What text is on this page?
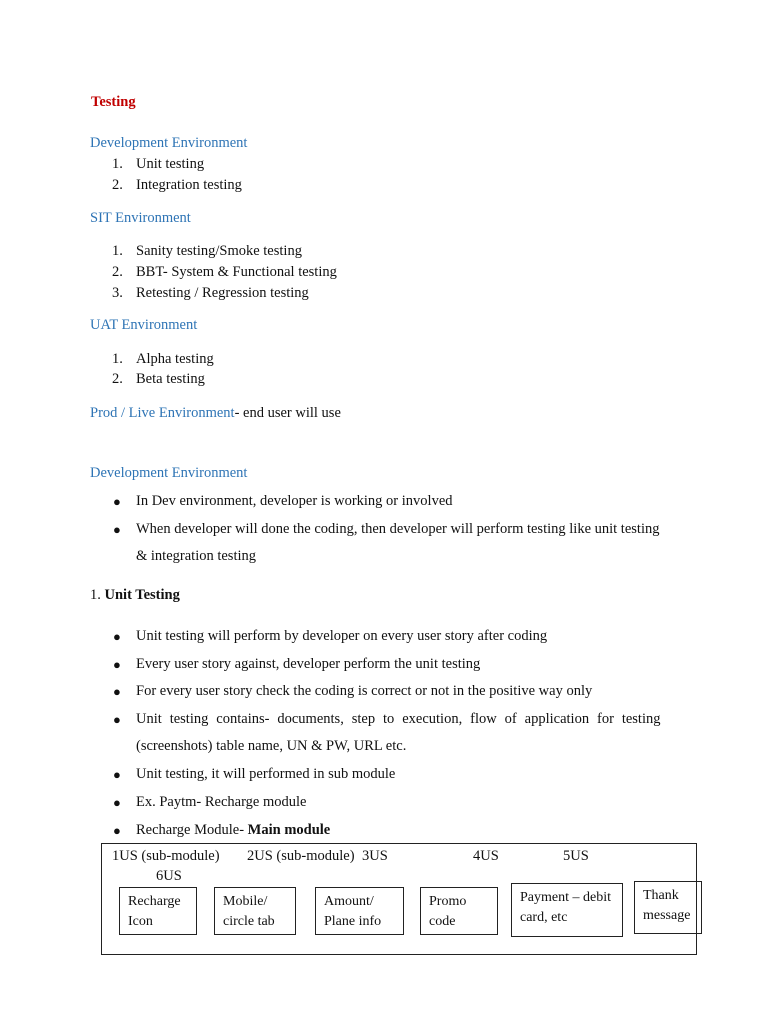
Testing
Development Environment
1. Unit testing
2. Integration testing
SIT Environment
1. Sanity testing/Smoke testing
2. BBT- System & Functional testing
3. Retesting / Regression testing
UAT Environment
1. Alpha testing
2. Beta testing
Prod / Live Environment- end user will use
Development Environment
● In Dev environment, developer is working or involved
● When developer will done the coding, then developer will perform testing like unit testing
& integration testing
1. Unit Testing
● Unit testing will perform by developer on every user story after coding
● Every user story against, developer perform the unit testing
● For every user story check the coding is correct or not in the positive way only
● Unit testing contains- documents, step to execution, flow of application for testing
(screenshots) table name, UN & PW, URL etc.
● Unit testing, it will performed in sub module
● Ex. Paytm- Recharge module
● Recharge Module- Main module
1US (sub-module) 2US (sub-module) 3US	4US	5US
6US
Recharge
Icon
Mobile/
circle tab
Amount/
Plane info
Promo
code
Payment – debit
card, etc
Thank
message
